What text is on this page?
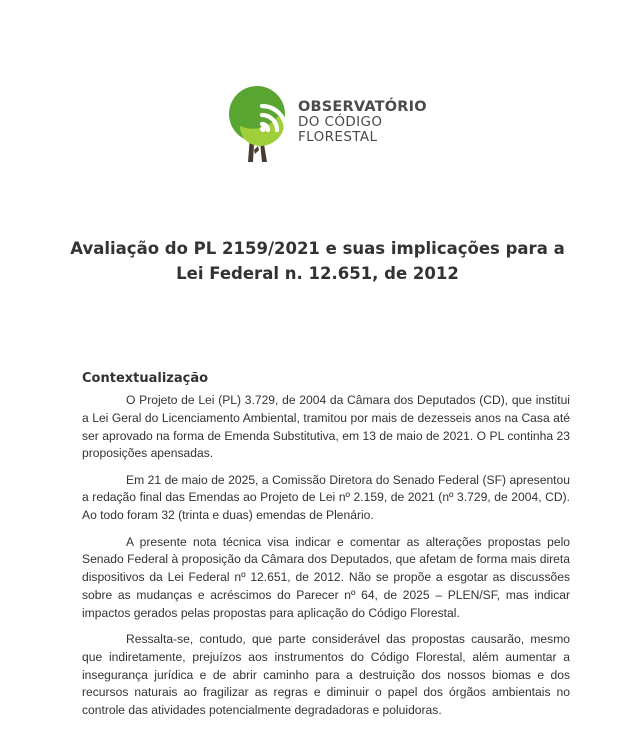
OBSERVATÓRIO
DO CÓDIGO
FLORESTAL
Avaliação do PL 2159/2021 e suas implicações para a
Lei Federal n. 12.651, de 2012
Contextualização

O Projeto de Lei (PL) 3.729, de 2004 da Câmara dos Deputados (CD), que institui a Lei Geral do Licenciamento Ambiental, tramitou por mais de dezesseis anos na Casa até ser aprovado na forma de Emenda Substitutiva, em 13 de maio de 2021. O PL continha 23 proposições apensadas.

Em 21 de maio de 2025, a Comissão Diretora do Senado Federal (SF) apresentou a redação final das Emendas ao Projeto de Lei nº 2.159, de 2021 (nº 3.729, de 2004, CD). Ao todo foram 32 (trinta e duas) emendas de Plenário.

A presente nota técnica visa indicar e comentar as alterações propostas pelo Senado Federal à proposição da Câmara dos Deputados, que afetam de forma mais direta dispositivos da Lei Federal nº 12.651, de 2012. Não se propõe a esgotar as discussões sobre as mudanças e acréscimos do Parecer nº 64, de 2025 – PLEN/SF, mas indicar impactos gerados pelas propostas para aplicação do Código Florestal.

Ressalta-se, contudo, que parte considerável das propostas causarão, mesmo que indiretamente, prejuízos aos instrumentos do Código Florestal, além aumentar a insegurança jurídica e de abrir caminho para a destruição dos nossos biomas e dos recursos naturais ao fragilizar as regras e diminuir o papel dos órgãos ambientais no controle das atividades potencialmente degradadoras e poluidoras.
